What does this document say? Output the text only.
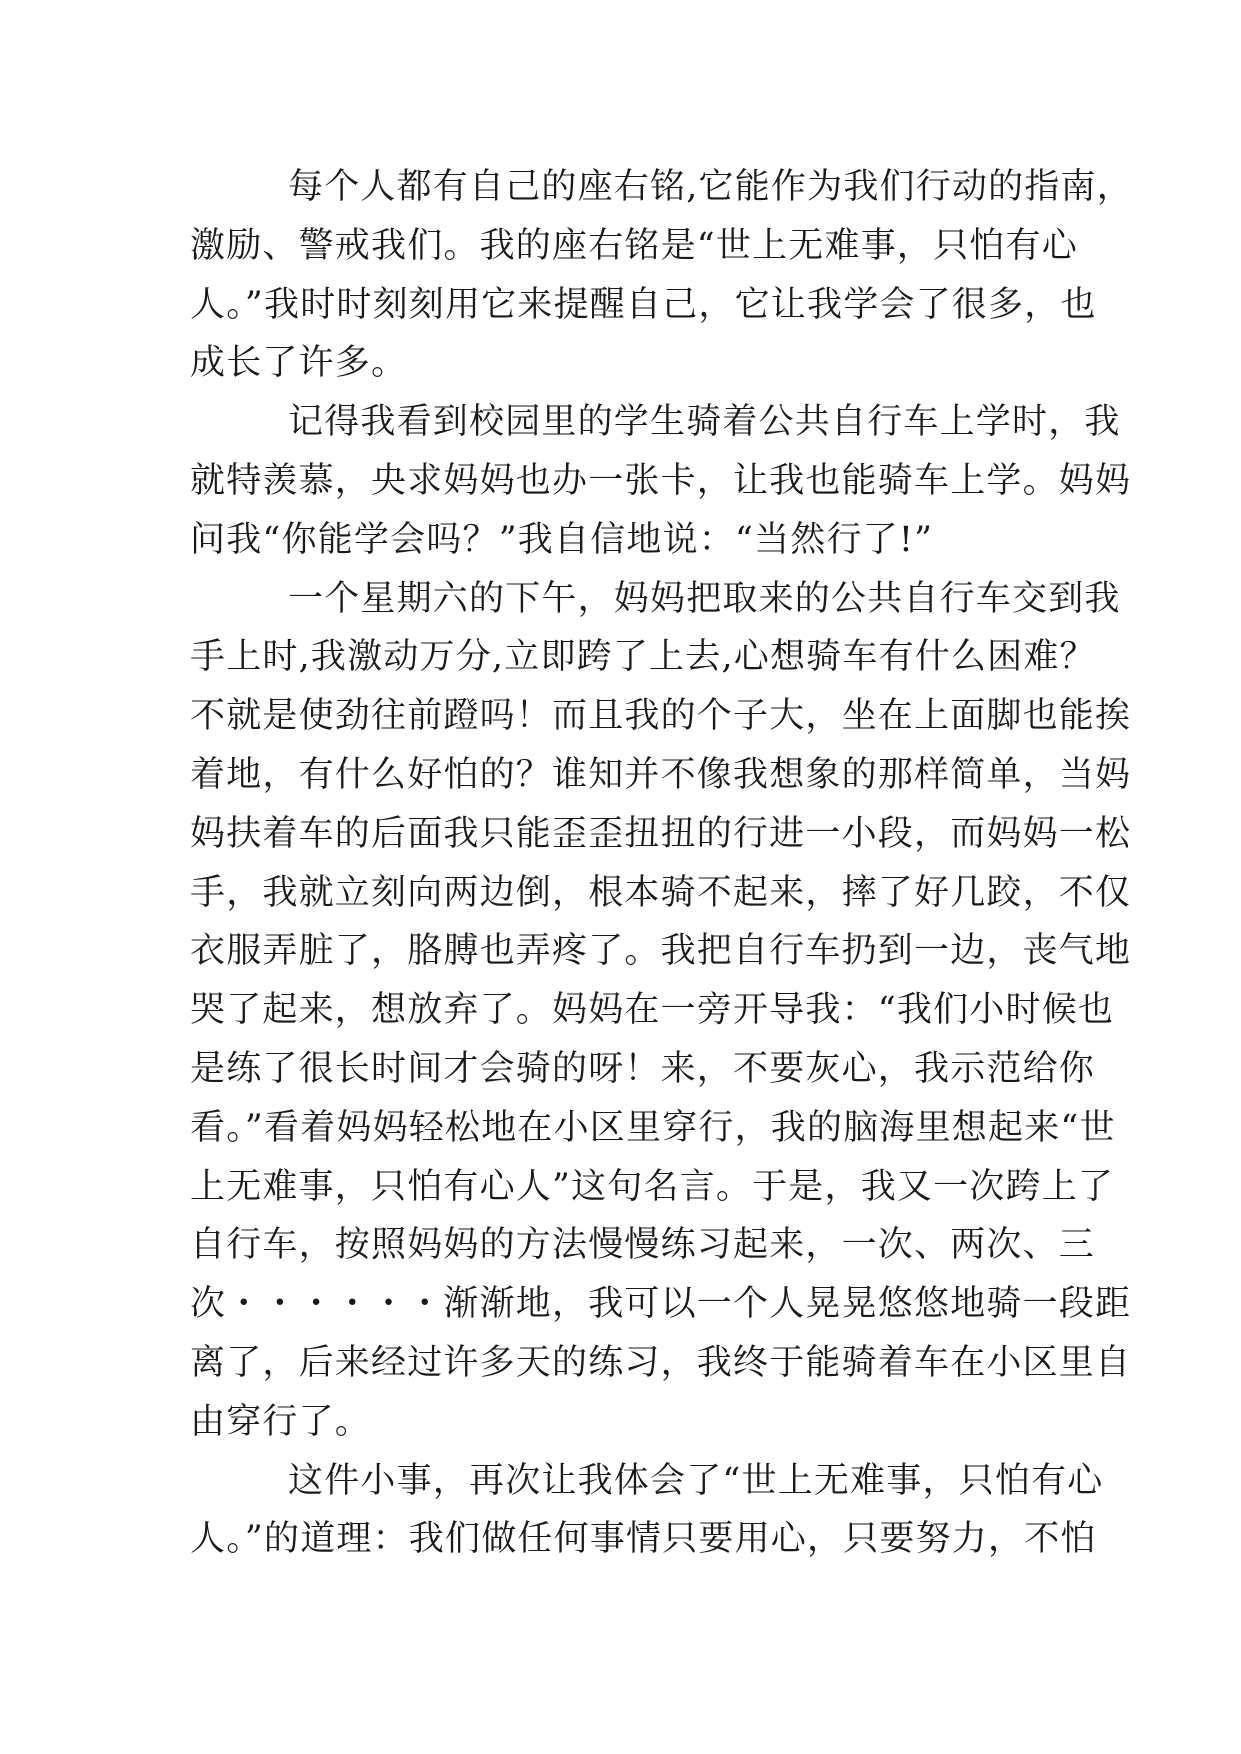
每个人都有自己的座右铭,它能作为我们行动的指南，
激励、警戒我们。我的座右铭是“世上无难事，只怕有心
人。”我时时刻刻用它来提醒自己，它让我学会了很多，也
成长了许多。
记得我看到校园里的学生骑着公共自行车上学时，我
就特羡慕，央求妈妈也办一张卡，让我也能骑车上学。妈妈
问我“你能学会吗？”我自信地说：“当然行了!”
一个星期六的下午，妈妈把取来的公共自行车交到我
手上时,我激动万分,立即跨了上去,心想骑车有什么困难？
不就是使劲往前蹬吗！而且我的个子大，坐在上面脚也能挨
着地，有什么好怕的？谁知并不像我想象的那样简单，当妈
妈扶着车的后面我只能歪歪扭扭的行进一小段，而妈妈一松
手，我就立刻向两边倒，根本骑不起来，摔了好几跤，不仅
衣服弄脏了，胳膊也弄疼了。我把自行车扔到一边，丧气地
哭了起来，想放弃了。妈妈在一旁开导我：“我们小时候也
是练了很长时间才会骑的呀！来，不要灰心，我示范给你
看。”看着妈妈轻松地在小区里穿行，我的脑海里想起来“世
上无难事，只怕有心人”这句名言。于是，我又一次跨上了
自行车，按照妈妈的方法慢慢练习起来，一次、两次、三
次・・・・・・渐渐地，我可以一个人晃晃悠悠地骑一段距
离了，后来经过许多天的练习，我终于能骑着车在小区里自
由穿行了。
这件小事，再次让我体会了“世上无难事，只怕有心
人。”的道理：我们做任何事情只要用心，只要努力，不怕
